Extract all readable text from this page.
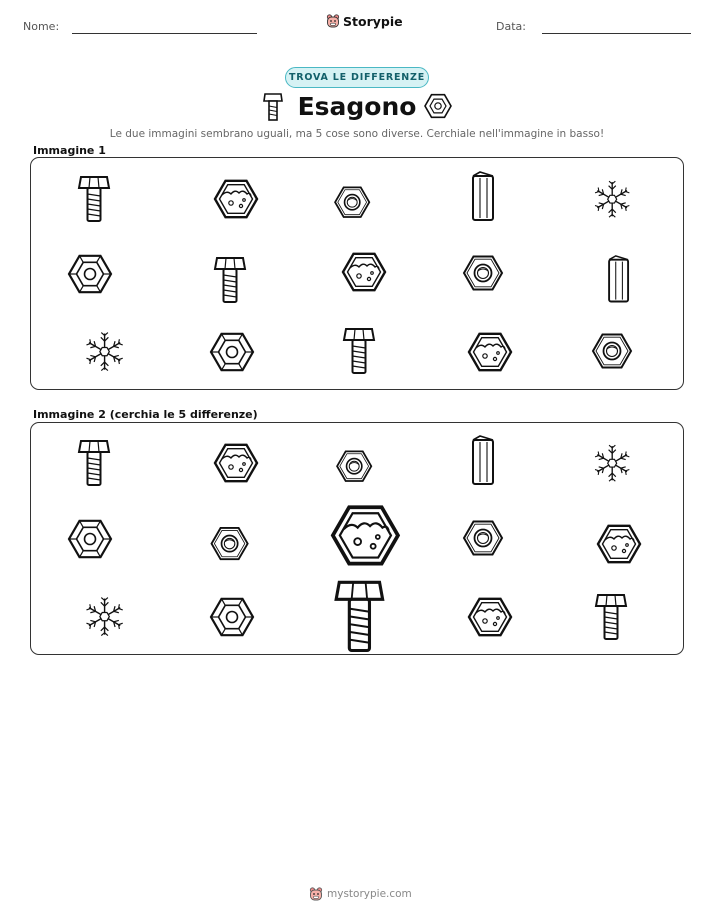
Nome:	Storypie	Data:
TROVA LE DIFFERENZE
Esagono
Le due immagini sembrano uguali, ma 5 cose sono diverse. Cerchiale nell'immagine in basso!
Immagine 1
Immagine 2 (cerchia le 5 differenze)
mystorypie.com
